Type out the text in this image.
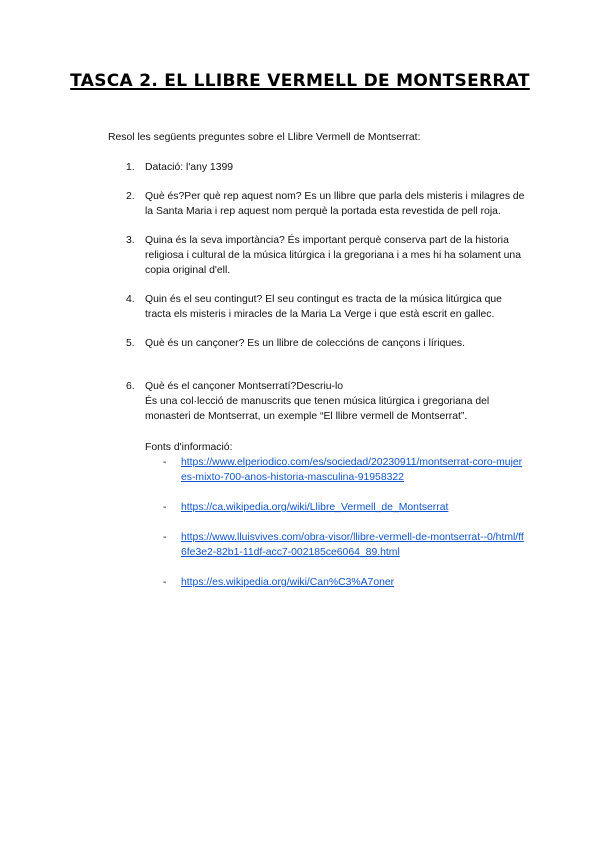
TASCA 2. EL LLIBRE VERMELL DE MONTSERRAT
Resol les següents preguntes sobre el Llibre Vermell de Montserrat:
1. Datació: l'any 1399
2. Què és?Per què rep aquest nom? Es un llibre que parla dels misteris i milagres de la Santa Maria i rep aquest nom perquè la portada esta revestida de pell roja.
3. Quina és la seva importància? És important perquè conserva part de la historia religiosa i cultural de la música litúrgica i la gregoriana i a mes hi ha solament una copia original d'ell.
4. Quin és el seu contingut? El seu contingut es tracta de la música litúrgica que tracta els misteris i miracles de la Maria La Verge i que està escrit en gallec.
5. Què és un cançoner? Es un llibre de coleccións de cançons i líriques.
6. Què és el cançoner Montserratí?Descriu-lo
És una col·lecció de manuscrits que tenen música litúrgica i gregoriana del monasteri de Montserrat, un exemple “El llibre vermell de Montserrat”.
Fonts d'informació:
- https://www.elperiodico.com/es/sociedad/20230911/montserrat-coro-mujeres-mixto-700-anos-historia-masculina-91958322
- https://ca.wikipedia.org/wiki/Llibre_Vermell_de_Montserrat
- https://www.lluisvives.com/obra-visor/llibre-vermell-de-montserrat--0/html/ff6fe3e2-82b1-11df-acc7-002185ce6064_89.html
- https://es.wikipedia.org/wiki/Can%C3%A7oner
